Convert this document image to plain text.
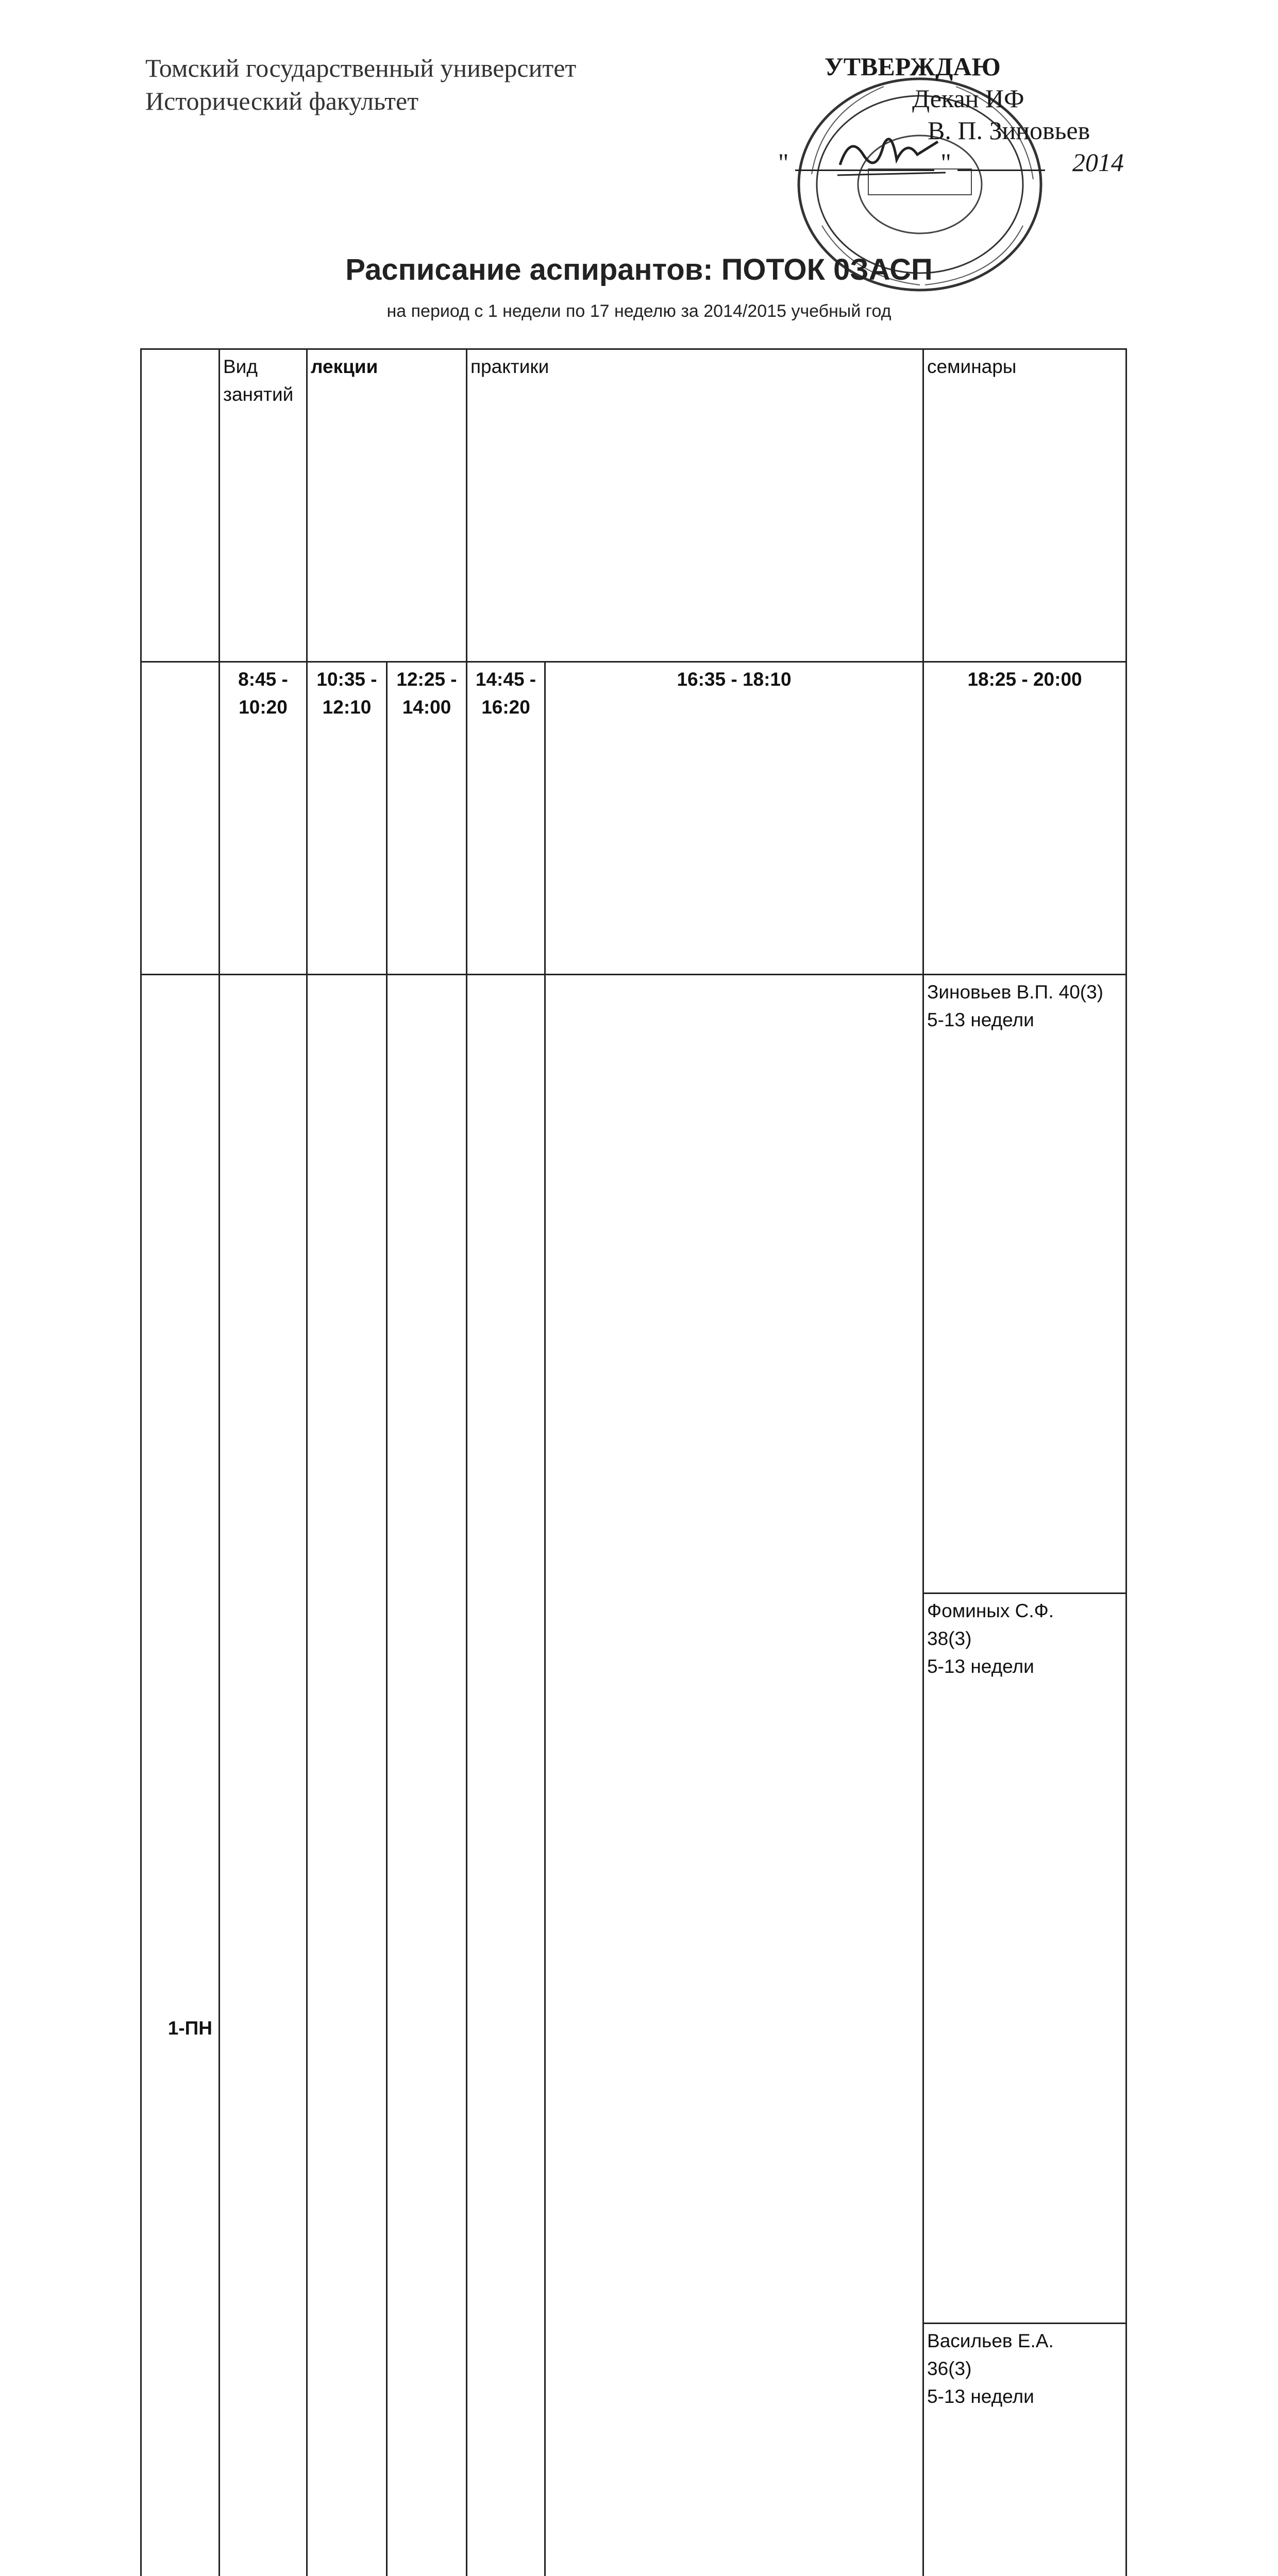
Томский государственный университет
Исторический факультет
УТВЕРЖДАЮ
Декан ИФ
В. П. Зиновьев
"	"	2014
Расписание аспирантов: ПОТОК 0ЗАСП
на период с 1 недели по 17 неделю за 2014/2015 учебный год
	Вид занятий	лекции		практики		семинары	
	8:45 - 10:20	10:35 - 12:10	12:25 - 14:00	14:45 - 16:20	16:35 - 18:10	18:25 - 20:00	
1-ПН						Зиновьев В.П. 40(3)
5-13 недели	
						Фоминых С.Ф.
38(3)
5-13 недели	
						Васильев Е.А.
36(3)
5-13 недели	
